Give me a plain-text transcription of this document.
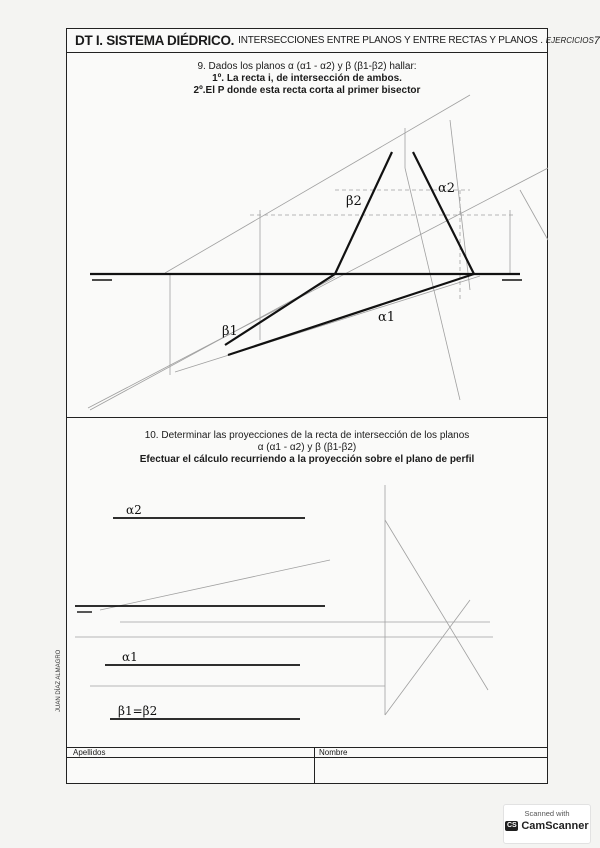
DT I. SISTEMA DIÉDRICO. INTERSECCIONES ENTRE PLANOS Y ENTRE RECTAS Y PLANOS . EJERCICIOS 7
9. Dados los planos α (α1 - α2) y β (β1-β2) hallar:
1º. La recta i, de intersección de ambos.
2º.El P donde esta recta corta al primer bisector
10. Determinar las proyecciones de la recta de intersección de los planos
α (α1 - α2) y β (β1-β2)
Efectuar el cálculo recurriendo a la proyección sobre el plano de perfil
Apellidos	Nombre
β2
α2
β1
α1
α2
α1
β1=β2
JUAN DÍAZ ALMAGRO
Scanned with
CS CamScanner
